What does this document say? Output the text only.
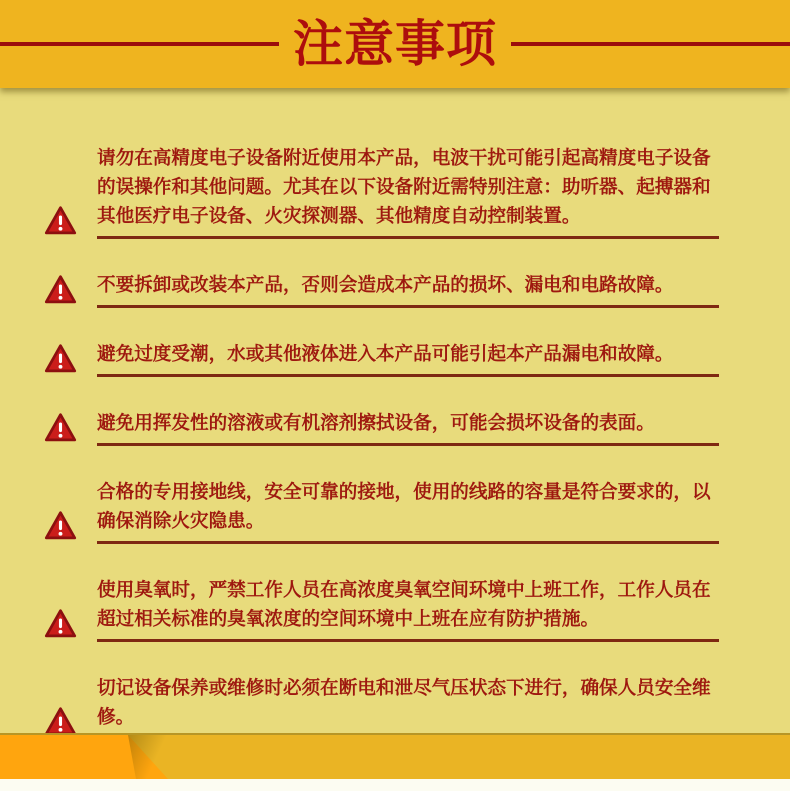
注意事项
请勿在高精度电子设备附近使用本产品，电波干扰可能引起高精度电子设备的误操作和其他问题。尤其在以下设备附近需特别注意：助听器、起搏器和其他医疗电子设备、火灾探测器、其他精度自动控制装置。
不要拆卸或改装本产品，否则会造成本产品的损坏、漏电和电路故障。
避免过度受潮，水或其他液体进入本产品可能引起本产品漏电和故障。
避免用挥发性的溶液或有机溶剂擦拭设备，可能会损坏设备的表面。
合格的专用接地线，安全可靠的接地，使用的线路的容量是符合要求的，以确保消除火灾隐患。
使用臭氧时，严禁工作人员在高浓度臭氧空间环境中上班工作，工作人员在超过相关标准的臭氧浓度的空间环境中上班在应有防护措施。
切记设备保养或维修时必须在断电和泄尽气压状态下进行，确保人员安全维修。
